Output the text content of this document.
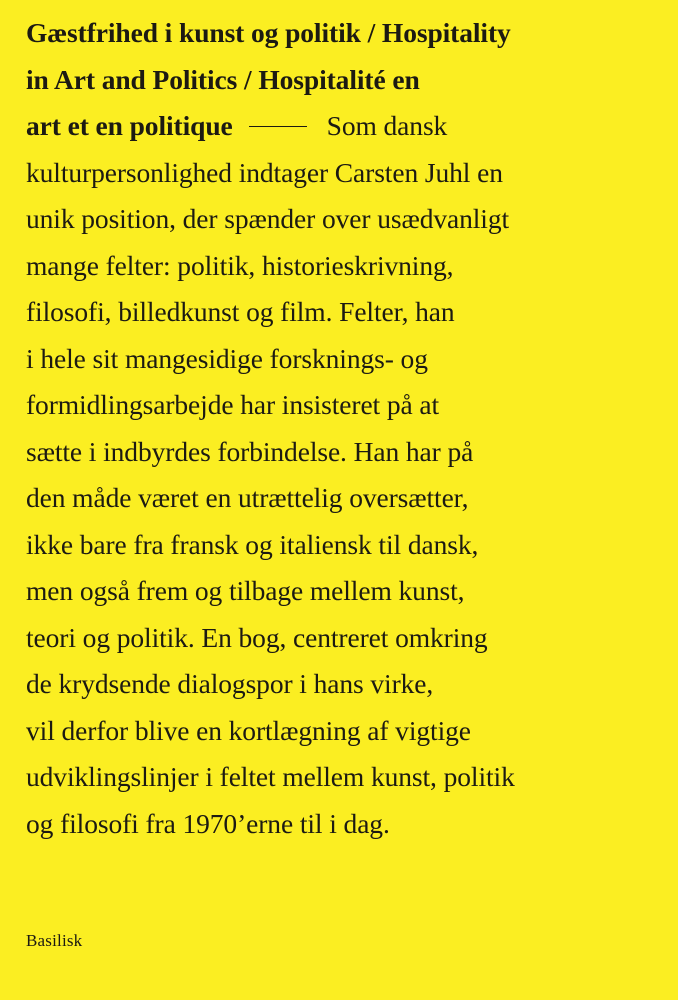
Gæstfrihed i kunst og politik / Hospitality
in Art and Politics / Hospitalité en
art et en politique	Som dansk
kulturpersonlighed indtager Carsten Juhl en
unik position, der spænder over usædvanligt
mange felter: politik, historieskrivning,
filosofi, billedkunst og film. Felter, han
i hele sit mangesidige forsknings- og
formidlingsarbejde har insisteret på at
sætte i indbyrdes forbindelse. Han har på
den måde været en utrættelig oversætter,
ikke bare fra fransk og italiensk til dansk,
men også frem og tilbage mellem kunst,
teori og politik. En bog, centreret omkring
de krydsende dialogspor i hans virke,
vil derfor blive en kortlægning af vigtige
udviklingslinjer i feltet mellem kunst, politik
og filosofi fra 1970’erne til i dag.
Basilisk
